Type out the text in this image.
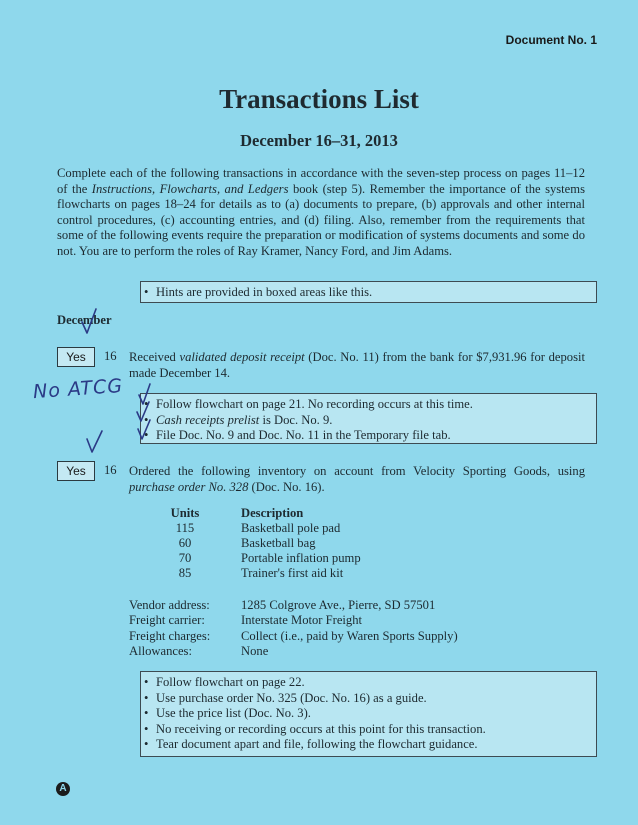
Document No. 1
Transactions List
December 16–31, 2013
Complete each of the following transactions in accordance with the seven-step process on pages 11–12 of the Instructions, Flowcharts, and Ledgers book (step 5). Remember the importance of the systems flowcharts on pages 18–24 for details as to (a) documents to prepare, (b) approvals and other internal control procedures, (c) accounting entries, and (d) filing. Also, remember from the requirements that some of the following events require the preparation or modification of systems documents and some do not. You are to perform the roles of Ray Kramer, Nancy Ford, and Jim Adams.
• Hints are provided in boxed areas like this.
December
Yes	16 Received validated deposit receipt (Doc. No. 11) from the bank for $7,931.96 for deposit made December 14.
• Follow flowchart on page 21. No recording occurs at this time.
• Cash receipts prelist is Doc. No. 9.
• File Doc. No. 9 and Doc. No. 11 in the Temporary file tab.
Yes	16 Ordered the following inventory on account from Velocity Sporting Goods, using purchase order No. 328 (Doc. No. 16).
Units
115
60
70
85
Description
Basketball pole pad
Basketball bag
Portable inflation pump
Trainer's first aid kit
Vendor address:
Freight carrier:
Freight charges:
Allowances:
1285 Colgrove Ave., Pierre, SD 57501
Interstate Motor Freight
Collect (i.e., paid by Waren Sports Supply)
None
• Follow flowchart on page 22.
• Use purchase order No. 325 (Doc. No. 16) as a guide.
• Use the price list (Doc. No. 3).
• No receiving or recording occurs at this point for this transaction.
• Tear document apart and file, following the flowchart guidance.
No ATCG
A
